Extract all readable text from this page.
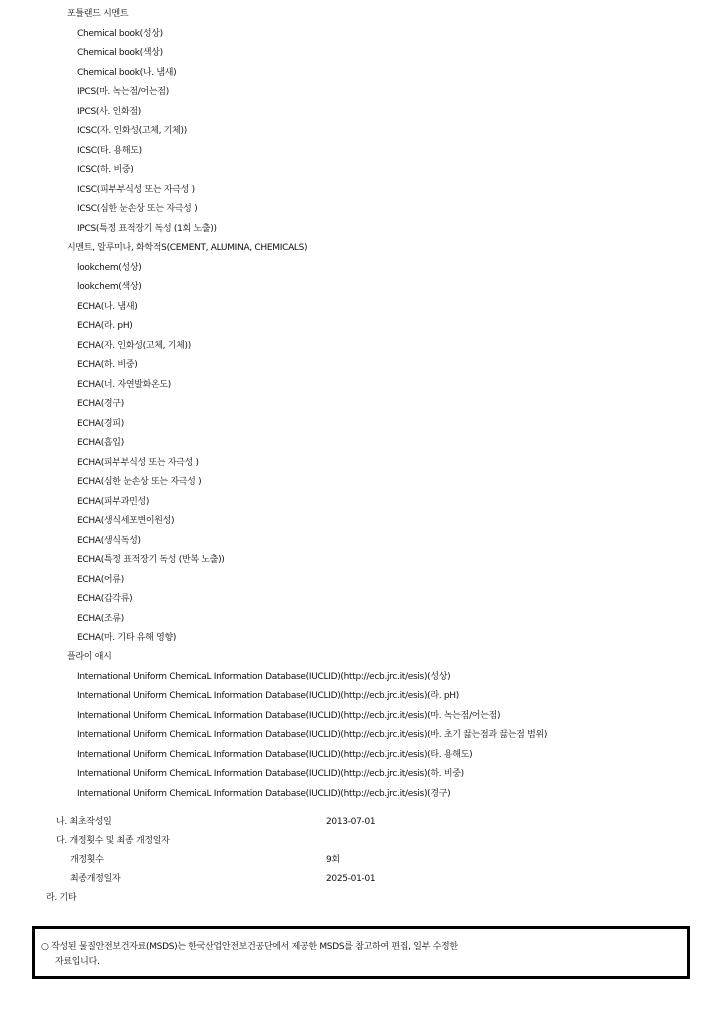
포틀랜드 시멘트
Chemical book(성상)
Chemical book(색상)
Chemical book(나. 냄새)
IPCS(마. 녹는점/어는점)
IPCS(사. 인화점)
ICSC(자. 인화성(고체, 기체))
ICSC(타. 용해도)
ICSC(하. 비중)
ICSC(피부부식성 또는 자극성 )
ICSC(심한 눈손상 또는 자극성 )
IPCS(특정 표적장기 독성 (1회 노출))
시멘트, 알루미나, 화학적S(CEMENT, ALUMINA, CHEMICALS)
lookchem(성상)
lookchem(색상)
ECHA(나. 냄새)
ECHA(라. pH)
ECHA(자. 인화성(고체, 기체))
ECHA(하. 비중)
ECHA(너. 자연발화온도)
ECHA(경구)
ECHA(경피)
ECHA(흡입)
ECHA(피부부식성 또는 자극성 )
ECHA(심한 눈손상 또는 자극성 )
ECHA(피부과민성)
ECHA(생식세포변이원성)
ECHA(생식독성)
ECHA(특정 표적장기 독성 (반복 노출))
ECHA(어류)
ECHA(갑각류)
ECHA(조류)
ECHA(마. 기타 유해 영향)
플라이 애시
International Uniform ChemicaL Information Database(IUCLID)(http://ecb.jrc.it/esis)(성상)
International Uniform ChemicaL Information Database(IUCLID)(http://ecb.jrc.it/esis)(라. pH)
International Uniform ChemicaL Information Database(IUCLID)(http://ecb.jrc.it/esis)(마. 녹는점/어는점)
International Uniform ChemicaL Information Database(IUCLID)(http://ecb.jrc.it/esis)(바. 초기 끓는점과 끓는점 범위)
International Uniform ChemicaL Information Database(IUCLID)(http://ecb.jrc.it/esis)(타. 용해도)
International Uniform ChemicaL Information Database(IUCLID)(http://ecb.jrc.it/esis)(하. 비중)
International Uniform ChemicaL Information Database(IUCLID)(http://ecb.jrc.it/esis)(경구)
나. 최초작성일	2013-07-01
다. 개정횟수 및 최종 개정일자
개정횟수	9회
최종개정일자	2025-01-01
라. 기타
○ 작성된 물질안전보건자료(MSDS)는 한국산업안전보건공단에서 제공한 MSDS를 참고하여 편집, 일부 수정한
자료입니다.
